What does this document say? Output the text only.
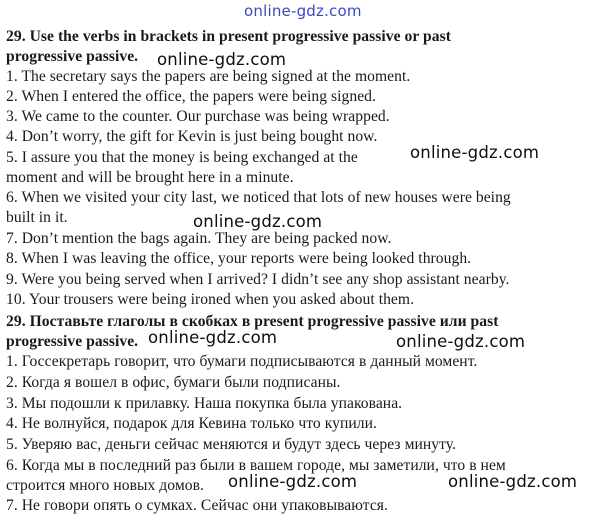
online-gdz.com
online-gdz.com
online-gdz.com
online-gdz.com
online-gdz.com	online-gdz.com
online-gdz.com	online-gdz.com
29. Use the verbs in brackets in present progressive passive or past
progressive passive.
1. The secretary says the papers are being signed at the moment.
2. When I entered the office, the papers were being signed.
3. We came to the counter. Our purchase was being wrapped.
4. Don’t worry, the gift for Kevin is just being bought now.
5. I assure you that the money is being exchanged at the
moment and will be brought here in a minute.
6. When we visited your city last, we noticed that lots of new houses were being
built in it.
7. Don’t mention the bags again. They are being packed now.
8. When I was leaving the office, your reports were being looked through.
9. Were you being served when I arrived? I didn’t see any shop assistant nearby.
10. Your trousers were being ironed when you asked about them.
29. Поставьте глаголы в скобках в present progressive passive или past
progressive passive.
1. Госсекретарь говорит, что бумаги подписываются в данный момент.
2. Когда я вошел в офис, бумаги были подписаны.
3. Мы подошли к прилавку. Наша покупка была упакована.
4. Не волнуйся, подарок для Кевина только что купили.
5. Уверяю вас, деньги сейчас меняются и будут здесь через минуту.
6. Когда мы в последний раз были в вашем городе, мы заметили, что в нем
строится много новых домов.
7. Не говори опять о сумках. Сейчас они упаковываются.
